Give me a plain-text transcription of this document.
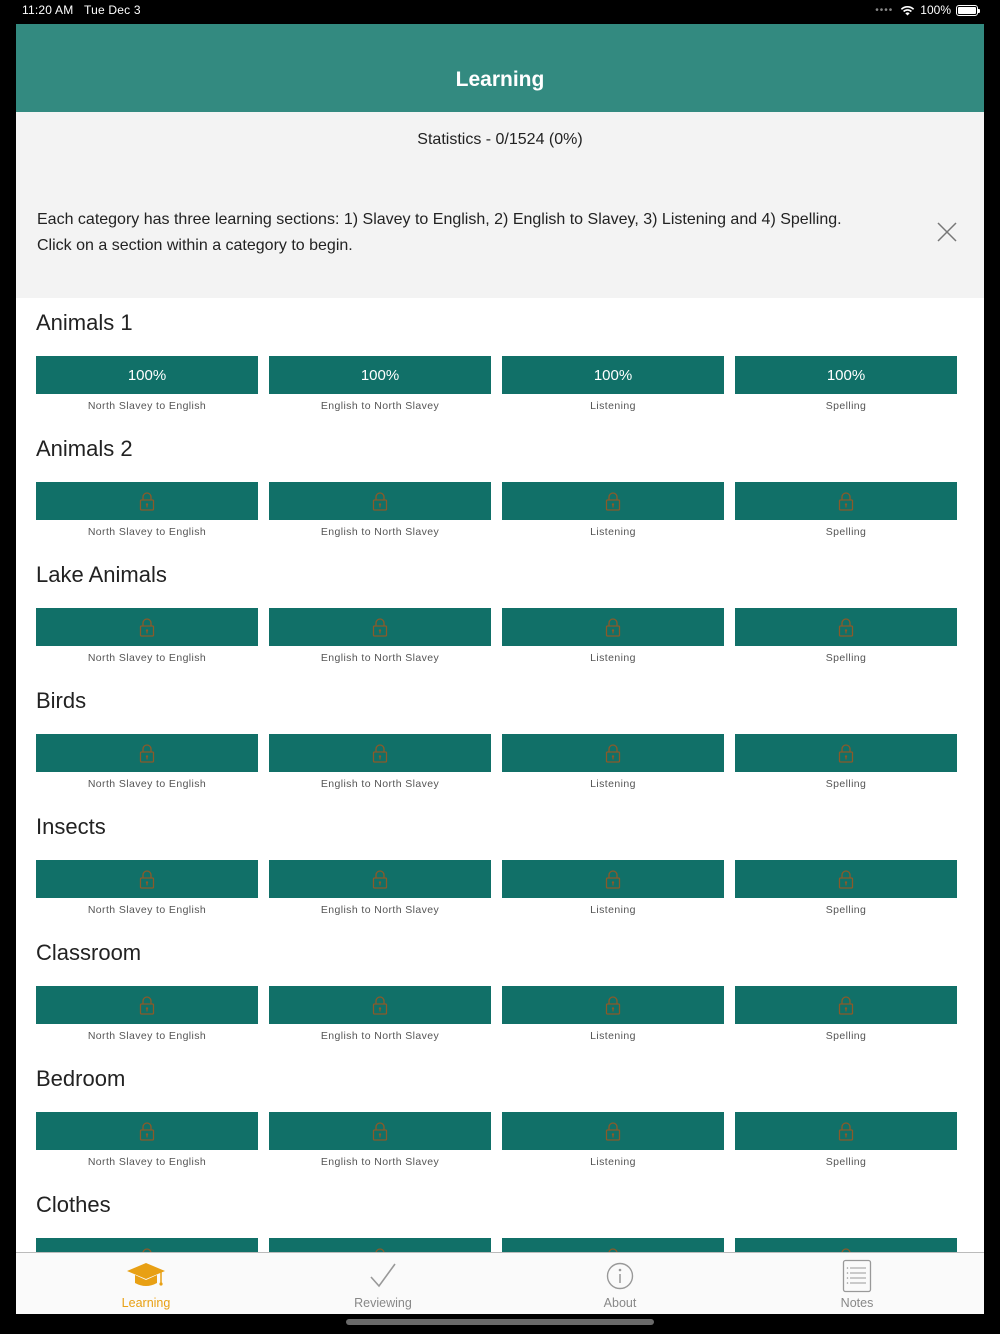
11:20 AM Tue Dec 3	•••• 100%
Learning
Statistics - 0/1524 (0%)
Each category has three learning sections: 1) Slavey to English, 2) English to Slavey, 3) Listening and 4) Spelling.
Click on a section within a category to begin.
Animals 1
100%
North Slavey to English
100%
English to North Slavey
100%
Listening
100%
Spelling
Animals 2
North Slavey to English	English to North Slavey	Listening	Spelling
Lake Animals
North Slavey to English	English to North Slavey	Listening	Spelling
Birds
North Slavey to English	English to North Slavey	Listening	Spelling
Insects
North Slavey to English	English to North Slavey	Listening	Spelling
Classroom
North Slavey to English	English to North Slavey	Listening	Spelling
Bedroom
North Slavey to English	English to North Slavey	Listening	Spelling
Clothes
Learning	Reviewing	About	Notes
